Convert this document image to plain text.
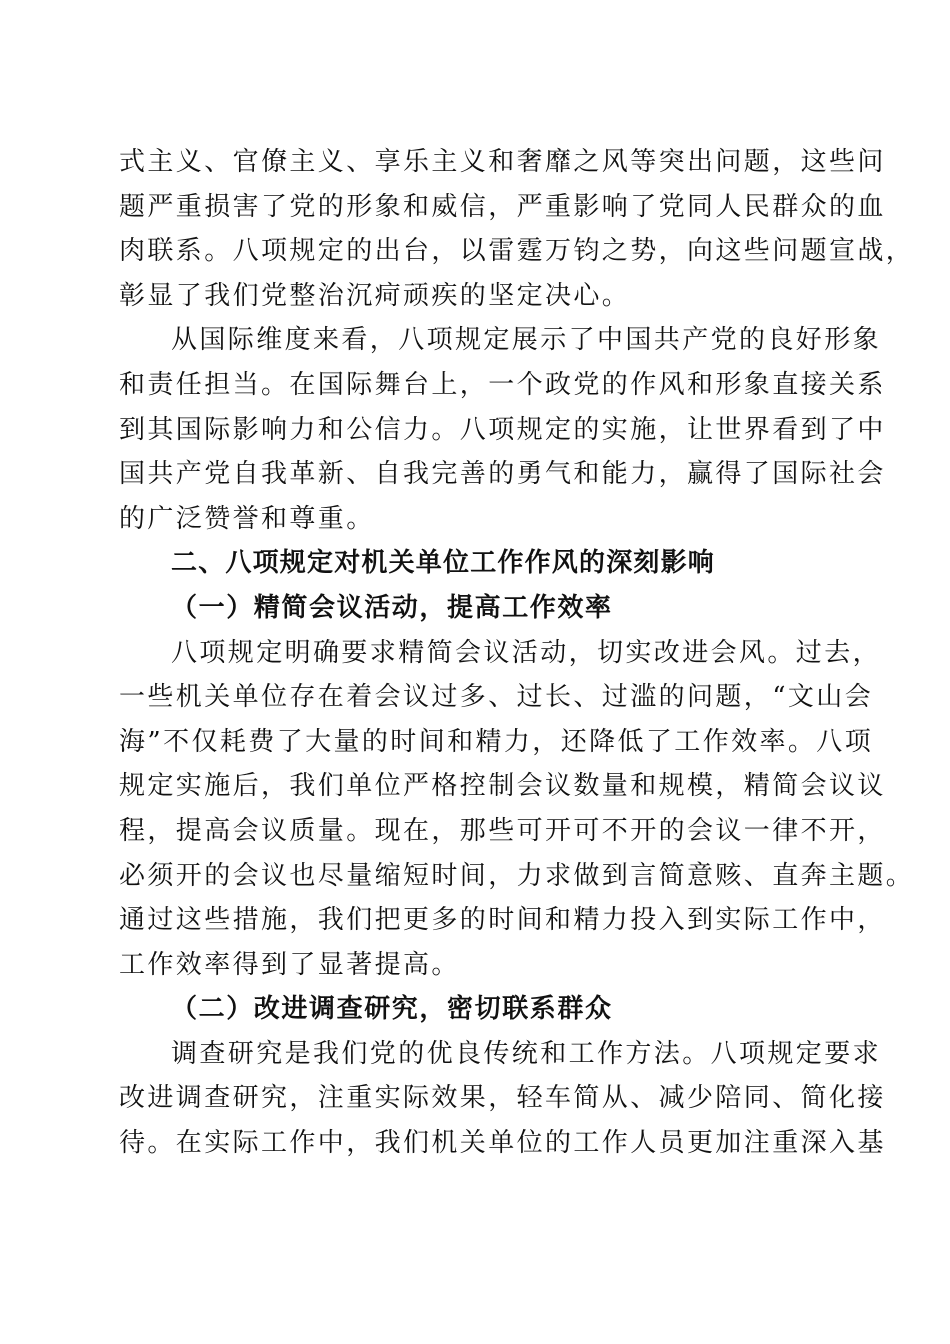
式主义、官僚主义、享乐主义和奢靡之风等突出问题，这些问
题严重损害了党的形象和威信，严重影响了党同人民群众的血
肉联系。八项规定的出台，以雷霆万钧之势，向这些问题宣战，
彰显了我们党整治沉疴顽疾的坚定决心。
从国际维度来看，八项规定展示了中国共产党的良好形象
和责任担当。在国际舞台上，一个政党的作风和形象直接关系
到其国际影响力和公信力。八项规定的实施，让世界看到了中
国共产党自我革新、自我完善的勇气和能力，赢得了国际社会
的广泛赞誉和尊重。
二、八项规定对机关单位工作作风的深刻影响
（一）精简会议活动，提高工作效率
八项规定明确要求精简会议活动，切实改进会风。过去，
一些机关单位存在着会议过多、过长、过滥的问题，“文山会
海”不仅耗费了大量的时间和精力，还降低了工作效率。八项
规定实施后，我们单位严格控制会议数量和规模，精简会议议
程，提高会议质量。现在，那些可开可不开的会议一律不开，
必须开的会议也尽量缩短时间，力求做到言简意赅、直奔主题。
通过这些措施，我们把更多的时间和精力投入到实际工作中，
工作效率得到了显著提高。
（二）改进调查研究，密切联系群众
调查研究是我们党的优良传统和工作方法。八项规定要求
改进调查研究，注重实际效果，轻车简从、减少陪同、简化接
待。在实际工作中，我们机关单位的工作人员更加注重深入基
